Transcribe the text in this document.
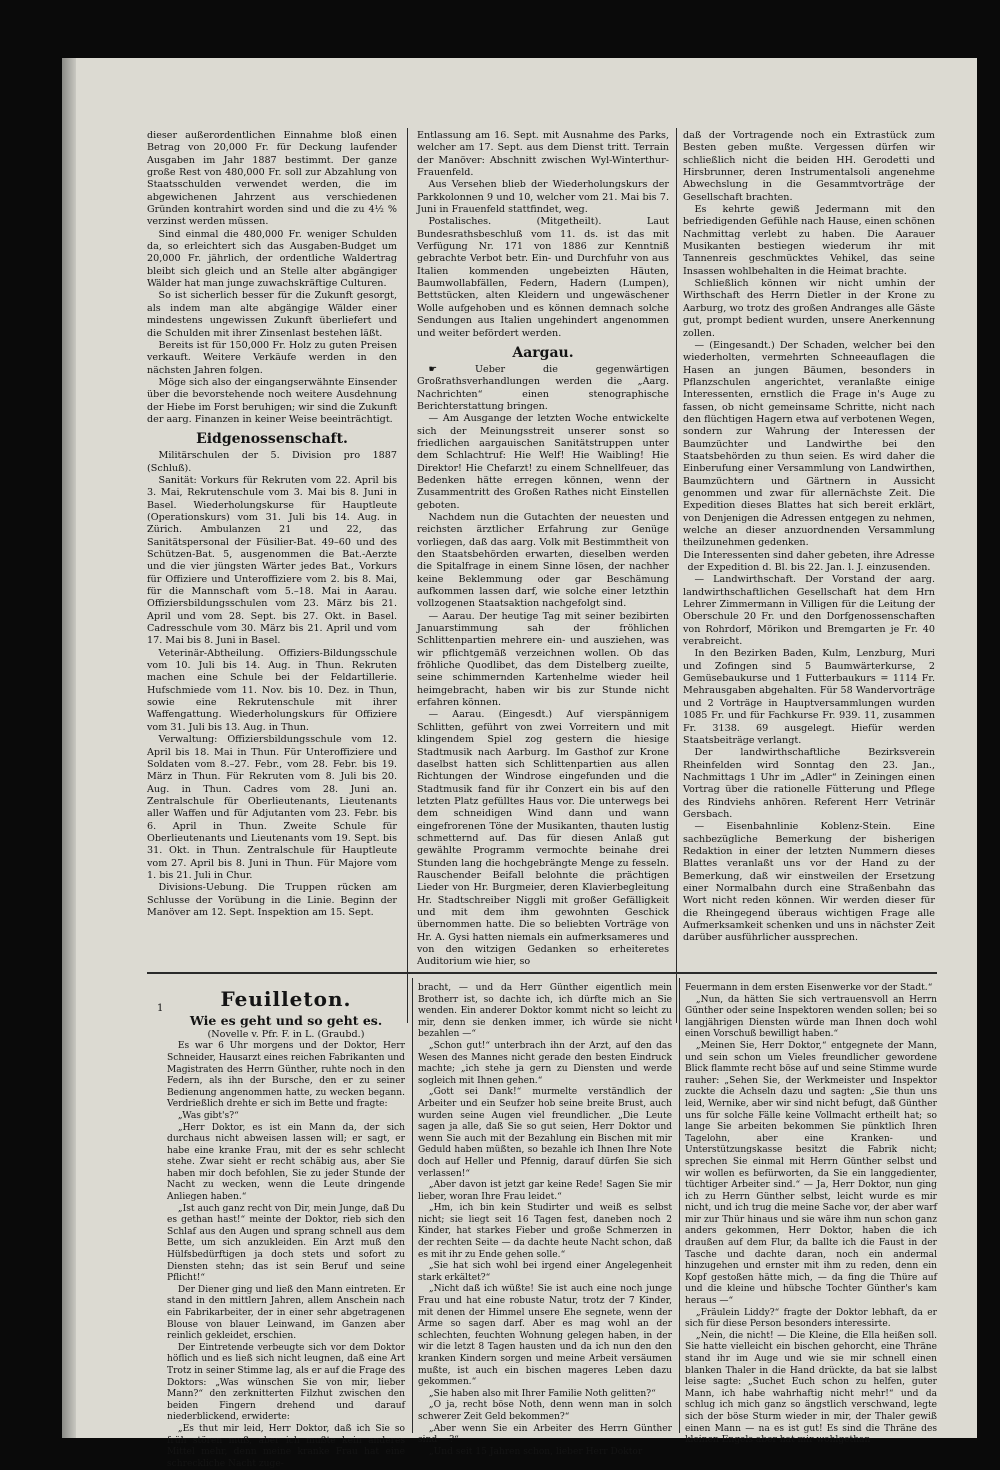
dieser außerordentlichen Einnahme bloß einen Betrag von 20,000 Fr. für Deckung laufender Ausgaben im Jahr 1887 bestimmt. Der ganze große Rest von 480,000 Fr. soll zur Abzahlung von Staatsschulden verwendet werden, die im abgewichenen Jahrzent aus verschiedenen Gründen kontrahirt worden sind und die zu 4½ % verzinst werden müssen.

Sind einmal die 480,000 Fr. weniger Schulden da, so erleichtert sich das Ausgaben-Budget um 20,000 Fr. jährlich, der ordentliche Waldertrag bleibt sich gleich und an Stelle alter abgängiger Wälder hat man junge zuwachskräftige Culturen.

So ist sicherlich besser für die Zukunft gesorgt, als indem man alte abgängige Wälder einer mindestens ungewissen Zukunft überliefert und die Schulden mit ihrer Zinsenlast bestehen läßt.

Bereits ist für 150,000 Fr. Holz zu guten Preisen verkauft. Weitere Verkäufe werden in den nächsten Jahren folgen.

Möge sich also der eingangserwähnte Einsender über die bevorstehende noch weitere Ausdehnung der Hiebe im Forst beruhigen; wir sind die Zukunft der aarg. Finanzen in keiner Weise beeinträchtigt.

Eidgenossenschaft.

Militärschulen der 5. Division pro 1887 (Schluß).

Sanität: Vorkurs für Rekruten vom 22. April bis 3. Mai, Rekrutenschule vom 3. Mai bis 8. Juni in Basel. Wiederholungskurse für Hauptleute (Operationskurs) vom 31. Juli bis 14. Aug. in Zürich. Ambulanzen 21 und 22, das Sanitätspersonal der Füsilier-Bat. 49–60 und des Schützen-Bat. 5, ausgenommen die Bat.-Aerzte und die vier jüngsten Wärter jedes Bat., Vorkurs für Offiziere und Unteroffiziere vom 2. bis 8. Mai, für die Mannschaft vom 5.–18. Mai in Aarau. Offiziersbildungsschulen vom 23. März bis 21. April und vom 28. Sept. bis 27. Okt. in Basel. Cadresschule vom 30. März bis 21. April und vom 17. Mai bis 8. Juni in Basel.

Veterinär-Abtheilung. Offiziers-Bildungsschule vom 10. Juli bis 14. Aug. in Thun. Rekruten machen eine Schule bei der Feldartillerie. Hufschmiede vom 11. Nov. bis 10. Dez. in Thun, sowie eine Rekrutenschule mit ihrer Waffengattung. Wiederholungskurs für Offiziere vom 31. Juli bis 13. Aug. in Thun.

Verwaltung: Offiziersbildungsschule vom 12. April bis 18. Mai in Thun. Für Unteroffiziere und Soldaten vom 8.–27. Febr., vom 28. Febr. bis 19. März in Thun. Für Rekruten vom 8. Juli bis 20. Aug. in Thun. Cadres vom 28. Juni an. Zentralschule für Oberlieutenants, Lieutenants aller Waffen und für Adjutanten vom 23. Febr. bis 6. April in Thun. Zweite Schule für Oberlieutenants und Lieutenants vom 19. Sept. bis 31. Okt. in Thun. Zentralschule für Hauptleute vom 27. April bis 8. Juni in Thun. Für Majore vom 1. bis 21. Juli in Chur.

Divisions-Uebung. Die Truppen rücken am Schlusse der Vorübung in die Linie. Beginn der Manöver am 12. Sept. Inspektion am 15. Sept.

Entlassung am 16. Sept. mit Ausnahme des Parks, welcher am 17. Sept. aus dem Dienst tritt. Terrain der Manöver: Abschnitt zwischen Wyl-Winterthur-Frauenfeld.

Aus Versehen blieb der Wiederholungskurs der Parkkolonnen 9 und 10, welcher vom 21. Mai bis 7. Juni in Frauenfeld stattfindet, weg.

Postalisches. (Mitgetheilt). Laut Bundesrathsbeschluß vom 11. ds. ist das mit Verfügung Nr. 171 von 1886 zur Kenntniß gebrachte Verbot betr. Ein- und Durchfuhr von aus Italien kommenden ungebeizten Häuten, Baumwollabfällen, Federn, Hadern (Lumpen), Bettstücken, alten Kleidern und ungewäschener Wolle aufgehoben und es können demnach solche Sendungen aus Italien ungehindert angenommen und weiter befördert werden.

Aargau.

☛ Ueber die gegenwärtigen Großrathsverhandlungen werden die „Aarg. Nachrichten“ einen stenographische Berichterstattung bringen.

— Am Ausgange der letzten Woche entwickelte sich der Meinungsstreit unserer sonst so friedlichen aargauischen Sanitätstruppen unter dem Schlachtruf: Hie Welf! Hie Waibling! Hie Direktor! Hie Chefarzt! zu einem Schnellfeuer, das Bedenken hätte erregen können, wenn der Zusammentritt des Großen Rathes nicht Einstellen geboten.

Nachdem nun die Gutachten der neuesten und reichsten ärztlicher Erfahrung zur Genüge vorliegen, daß das aarg. Volk mit Bestimmtheit von den Staatsbehörden erwarten, dieselben werden die Spitalfrage in einem Sinne lösen, der nachher keine Beklemmung oder gar Beschämung aufkommen lassen darf, wie solche einer letzthin vollzogenen Staatsaktion nachgefolgt sind.

— Aarau. Der heutige Tag mit seiner bezibirten Januarstimmung sah der fröhlichen Schlittenpartien mehrere ein- und ausziehen, was wir pflichtgemäß verzeichnen wollen. Ob das fröhliche Quodlibet, das dem Distelberg zueilte, seine schimmernden Kartenhelme wieder heil heimgebracht, haben wir bis zur Stunde nicht erfahren können.

— Aarau. (Eingesdt.) Auf vierspännigem Schlitten, geführt von zwei Vorreitern und mit klingendem Spiel zog gestern die hiesige Stadtmusik nach Aarburg. Im Gasthof zur Krone daselbst hatten sich Schlittenpartien aus allen Richtungen der Windrose eingefunden und die Stadtmusik fand für ihr Conzert ein bis auf den letzten Platz gefülltes Haus vor. Die unterwegs bei dem schneidigen Wind dann und wann eingefrorenen Töne der Musikanten, thauten lustig schmetternd auf. Das für diesen Anlaß gut gewählte Programm vermochte beinahe drei Stunden lang die hochgebrängte Menge zu fesseln. Rauschender Beifall belohnte die prächtigen Lieder von Hr. Burgmeier, deren Klavierbegleitung Hr. Stadtschreiber Niggli mit großer Gefälligkeit und mit dem ihm gewohnten Geschick übernommen hatte. Die so beliebten Vorträge von Hr. A. Gysi hatten niemals ein aufmerksameres und von den witzigen Gedanken so erheiteretes Auditorium wie hier, so

daß der Vortragende noch ein Extrastück zum Besten geben mußte. Vergessen dürfen wir schließlich nicht die beiden HH. Gerodetti und Hirsbrunner, deren Instrumentalsoli angenehme Abwechslung in die Gesammtvorträge der Gesellschaft brachten.

Es kehrte gewiß Jedermann mit den befriedigenden Gefühle nach Hause, einen schönen Nachmittag verlebt zu haben. Die Aarauer Musikanten bestiegen wiederum ihr mit Tannenreis geschmücktes Vehikel, das seine Insassen wohlbehalten in die Heimat brachte.

Schließlich können wir nicht umhin der Wirthschaft des Herrn Dietler in der Krone zu Aarburg, wo trotz des großen Andranges alle Gäste gut, prompt bedient wurden, unsere Anerkennung zollen.

— (Eingesandt.) Der Schaden, welcher bei den wiederholten, vermehrten Schneeauflagen die Hasen an jungen Bäumen, besonders in Pflanzschulen angerichtet, veranlaßte einige Interessenten, ernstlich die Frage in's Auge zu fassen, ob nicht gemeinsame Schritte, nicht nach den flüchtigen Hagern etwa auf verbotenen Wegen, sondern zur Wahrung der Interessen der Baumzüchter und Landwirthe bei den Staatsbehörden zu thun seien. Es wird daher die Einberufung einer Versammlung von Landwirthen, Baumzüchtern und Gärtnern in Aussicht genommen und zwar für allernächste Zeit. Die Expedition dieses Blattes hat sich bereit erklärt, von Denjenigen die Adressen entgegen zu nehmen, welche an dieser anzuordnenden Versammlung theilzunehmen gedenken.

Die Interessenten sind daher gebeten, ihre Adresse der Expedition d. Bl. bis 22. Jan. l. J. einzusenden.

— Landwirthschaft. Der Vorstand der aarg. landwirthschaftlichen Gesellschaft hat dem Hrn Lehrer Zimmermann in Villigen für die Leitung der Oberschule 20 Fr. und den Dorfgenossenschaften von Rohrdorf, Mörikon und Bremgarten je Fr. 40 verabreicht.

In den Bezirken Baden, Kulm, Lenzburg, Muri und Zofingen sind 5 Baumwärterkurse, 2 Gemüsebaukurse und 1 Futterbaukurs = 1114 Fr. Mehrausgaben abgehalten. Für 58 Wandervorträge und 2 Vorträge in Hauptversammlungen wurden 1085 Fr. und für Fachkurse Fr. 939. 11, zusammen Fr. 3138. 69 ausgelegt. Hiefür werden Staatsbeiträge verlangt.

Der landwirthschaftliche Bezirksverein Rheinfelden wird Sonntag den 23. Jan., Nachmittags 1 Uhr im „Adler“ in Zeiningen einen Vortrag über die rationelle Fütterung und Pflege des Rindviehs anhören. Referent Herr Vetrinär Gersbach.

— Eisenbahnlinie Koblenz-Stein. Eine sachbezügliche Bemerkung der bisherigen Redaktion in einer der letzten Nummern dieses Blattes veranlaßt uns vor der Hand zu der Bemerkung, daß wir einstweilen der Ersetzung einer Normalbahn durch eine Straßenbahn das Wort nicht reden können. Wir werden dieser für die Rheingegend überaus wichtigen Frage alle Aufmerksamkeit schenken und uns in nächster Zeit darüber ausführlicher aussprechen.

1	Feuilleton.
Wie es geht und so geht es.

(Novelle v. Pfr. F. in L. (Graubd.)

Es war 6 Uhr morgens und der Doktor, Herr Schneider, Hausarzt eines reichen Fabrikanten und Magistraten des Herrn Günther, ruhte noch in den Federn, als ihn der Bursche, den er zu seiner Bedienung angenommen hatte, zu wecken begann. Verdrießlich drehte er sich im Bette und fragte:

„Was gibt's?“

„Herr Doktor, es ist ein Mann da, der sich durchaus nicht abweisen lassen will; er sagt, er habe eine kranke Frau, mit der es sehr schlecht stehe. Zwar sieht er recht schäbig aus, aber Sie haben mir doch befohlen, Sie zu jeder Stunde der Nacht zu wecken, wenn die Leute dringende Anliegen haben.“

„Ist auch ganz recht von Dir, mein Junge, daß Du es gethan hast!“ meinte der Doktor, rieb sich den Schlaf aus den Augen und sprang schnell aus dem Bette, um sich anzukleiden. Ein Arzt muß den Hülfsbedürftigen ja doch stets und sofort zu Diensten stehn; das ist sein Beruf und seine Pflicht!“

Der Diener ging und ließ den Mann eintreten. Er stand in den mittlern Jahren, allem Anschein nach ein Fabrikarbeiter, der in einer sehr abgetragenen Blouse von blauer Leinwand, im Ganzen aber reinlich gekleidet, erschien.

Der Eintretende verbeugte sich vor dem Doktor höflich und es ließ sich nicht leugnen, daß eine Art Trotz in seiner Stimme lag, als er auf die Frage des Doktors: „Was wünschen Sie von mir, lieber Mann?“ den zerknitterten Filzhut zwischen den beiden Fingern drehend und darauf niederblickend, erwiderte:

„Es thut mir leid, Herr Doktor, daß ich Sie so früh stören muß, aber ich mußte kein anderes Mittel mehr, denn meine kranke Frau hat eine schreckliche Nacht zuge-

bracht, — und da Herr Günther eigentlich mein Brotherr ist, so dachte ich, ich dürfte mich an Sie wenden. Ein anderer Doktor kommt nicht so leicht zu mir, denn sie denken immer, ich würde sie nicht bezahlen —“

„Schon gut!“ unterbrach ihn der Arzt, auf den das Wesen des Mannes nicht gerade den besten Eindruck machte; „ich stehe ja gern zu Diensten und werde sogleich mit Ihnen gehen.“

„Gott sei Dank!“ murmelte verständlich der Arbeiter und ein Seufzer hob seine breite Brust, auch wurden seine Augen viel freundlicher. „Die Leute sagen ja alle, daß Sie so gut seien, Herr Doktor und wenn Sie auch mit der Bezahlung ein Bischen mit mir Geduld haben müßten, so bezahle ich Ihnen Ihre Note doch auf Heller und Pfennig, darauf dürfen Sie sich verlassen!“

„Aber davon ist jetzt gar keine Rede! Sagen Sie mir lieber, woran Ihre Frau leidet.“

„Hm, ich bin kein Studirter und weiß es selbst nicht; sie liegt seit 16 Tagen fest, daneben noch 2 Kinder, hat starkes Fieber und große Schmerzen in der rechten Seite — da dachte heute Nacht schon, daß es mit ihr zu Ende gehen solle.“

„Sie hat sich wohl bei irgend einer Angelegenheit stark erkältet?“

„Nicht daß ich wüßte! Sie ist auch eine noch junge Frau und hat eine robuste Natur, trotz der 7 Kinder, mit denen der Himmel unsere Ehe segnete, wenn der Arme so sagen darf. Aber es mag wohl an der schlechten, feuchten Wohnung gelegen haben, in der wir die letzt 8 Tagen hausten und da ich nun den den kranken Kindern sorgen und meine Arbeit versäumen mußte, ist auch ein bischen mageres Leben dazu gekommen.“

„Sie haben also mit Ihrer Familie Noth gelitten?“

„O ja, recht böse Noth, denn wenn man in solch schwerer Zeit Geld bekommen?“

„Aber wenn Sie ein Arbeiter des Herrn Günther sind —?“

„Und seit 15 Jahren schon, lieber Herr Doktor

Feuermann in dem ersten Eisenwerke vor der Stadt.“

„Nun, da hätten Sie sich vertrauensvoll an Herrn Günther oder seine Inspektoren wenden sollen; bei so langjährigen Diensten würde man Ihnen doch wohl einen Vorschuß bewilligt haben.“

„Meinen Sie, Herr Doktor,“ entgegnete der Mann, und sein schon um Vieles freundlicher gewordene Blick flammte recht böse auf und seine Stimme wurde rauher: „Sehen Sie, der Werkmeister und Inspektor zuckte die Achseln dazu und sagten: „Sie thun uns leid, Wernike, aber wir sind nicht befugt, daß Günther uns für solche Fälle keine Vollmacht ertheilt hat; so lange Sie arbeiten bekommen Sie pünktlich Ihren Tagelohn, aber eine Kranken- und Unterstützungskasse besitzt die Fabrik nicht; sprechen Sie einmal mit Herrn Günther selbst und wir wollen es befürworten, da Sie ein langgedienter, tüchtiger Arbeiter sind.“ — Ja, Herr Doktor, nun ging ich zu Herrn Günther selbst, leicht wurde es mir nicht, und ich trug die meine Sache vor, der aber warf mir zur Thür hinaus und sie wäre ihm nun schon ganz anders gekommen, Herr Doktor, haben die ich draußen auf dem Flur, da ballte ich die Faust in der Tasche und dachte daran, noch ein andermal hinzugehen und ernster mit ihm zu reden, denn ein Kopf gestoßen hätte mich, — da fing die Thüre auf und die kleine und hübsche Tochter Günther's kam heraus —“

„Fräulein Liddy?“ fragte der Doktor lebhaft, da er sich für diese Person besonders interessirte.

„Nein, die nicht! — Die Kleine, die Ella heißen soll. Sie hatte vielleicht ein bischen gehorcht, eine Thräne stand ihr im Auge und wie sie mir schnell einen blanken Thaler in die Hand drückte, da bat sie lalbst leise sagte: „Suchet Euch schon zu helfen, guter Mann, ich habe wahrhaftig nicht mehr!“ und da schlug ich mich ganz so ängstlich verschwand, legte sich der böse Sturm wieder in mir, der Thaler gewiß einen Mann — na es ist gut! Es sind die Thräne des kleinen Engels aber hat mir wohlgethan
